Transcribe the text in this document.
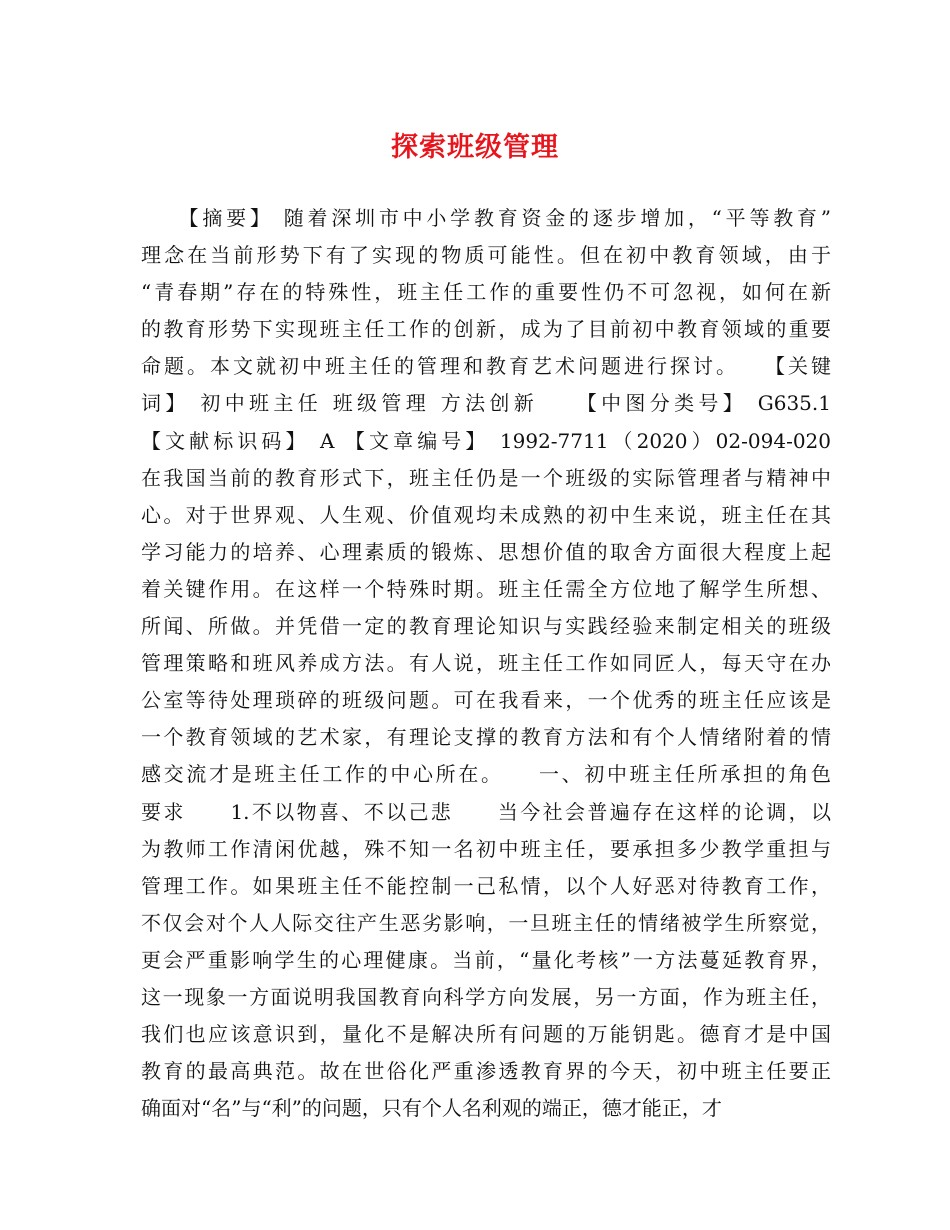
探索班级管理
　　【摘要】 随着深圳市中小学教育资金的逐步增加，“平等教育”
理念在当前形势下有了实现的物质可能性。但在初中教育领域，由于
“青春期”存在的特殊性，班主任工作的重要性仍不可忽视，如何在新
的教育形势下实现班主任工作的创新，成为了目前初中教育领域的重要
命题。本文就初中班主任的管理和教育艺术问题进行探讨。　　【关键
词】 初中班主任 班级管理 方法创新　　【中图分类号】 G635.1
【文献标识码】 A 【文章编号】 1992-7711（2020）02-094-020
在我国当前的教育形式下，班主任仍是一个班级的实际管理者与精神中
心。对于世界观、人生观、价值观均未成熟的初中生来说，班主任在其
学习能力的培养、心理素质的锻炼、思想价值的取舍方面很大程度上起
着关键作用。在这样一个特殊时期。班主任需全方位地了解学生所想、
所闻、所做。并凭借一定的教育理论知识与实践经验来制定相关的班级
管理策略和班风养成方法。有人说，班主任工作如同匠人，每天守在办
公室等待处理琐碎的班级问题。可在我看来，一个优秀的班主任应该是
一个教育领域的艺术家，有理论支撑的教育方法和有个人情绪附着的情
感交流才是班主任工作的中心所在。　　一、初中班主任所承担的角色
要求　　1.不以物喜、不以己悲　　当今社会普遍存在这样的论调，以
为教师工作清闲优越，殊不知一名初中班主任，要承担多少教学重担与
管理工作。如果班主任不能控制一己私情，以个人好恶对待教育工作，
不仅会对个人人际交往产生恶劣影响，一旦班主任的情绪被学生所察觉，
更会严重影响学生的心理健康。当前，“量化考核”一方法蔓延教育界，
这一现象一方面说明我国教育向科学方向发展，另一方面，作为班主任，
我们也应该意识到，量化不是解决所有问题的万能钥匙。德育才是中国
教育的最高典范。故在世俗化严重渗透教育界的今天，初中班主任要正
确面对“名”与“利”的问题，只有个人名利观的端正，德才能正，才
